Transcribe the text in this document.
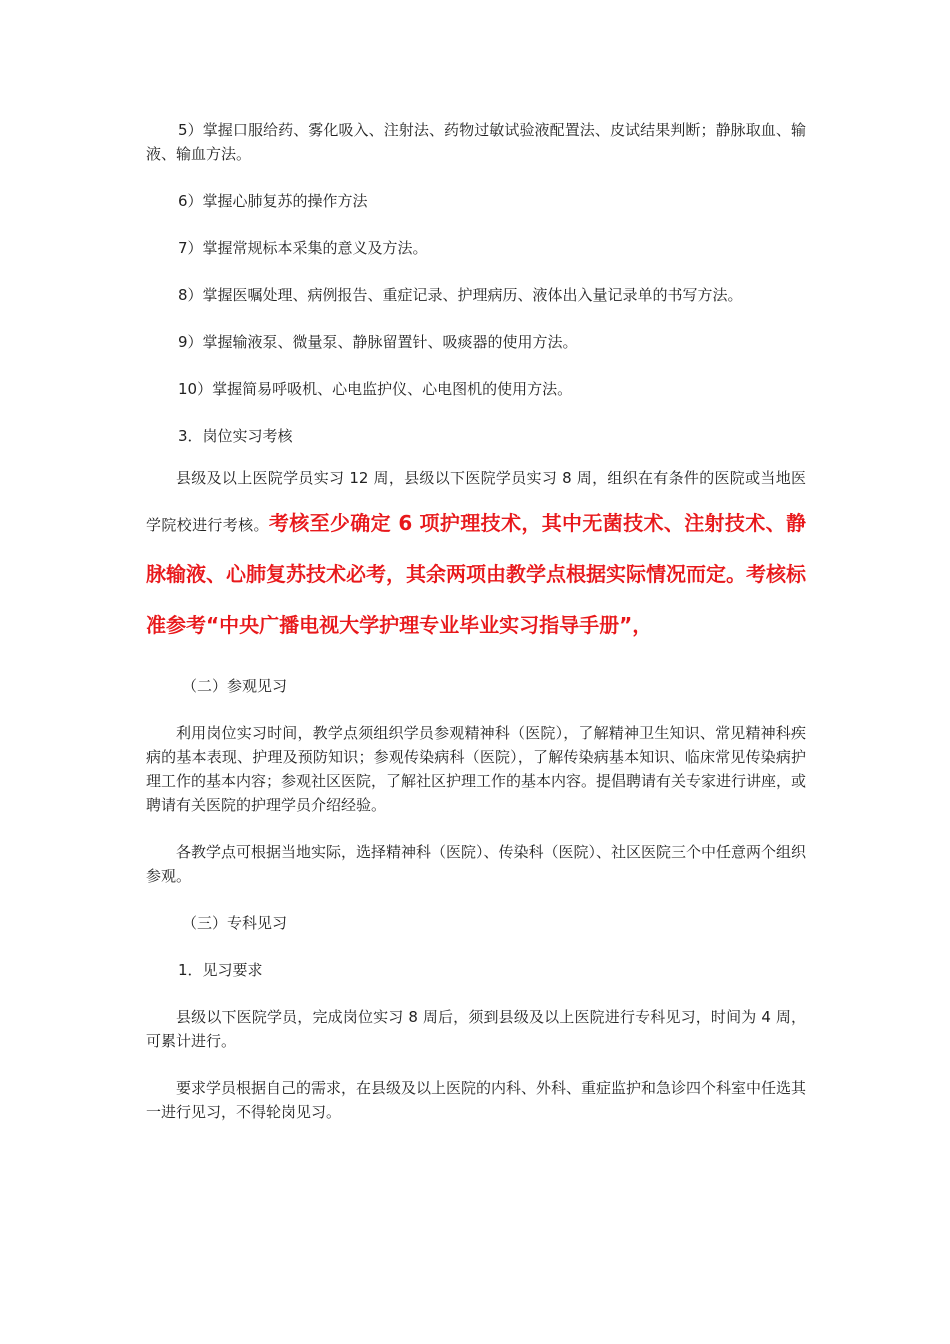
5）掌握口服给药、雾化吸入、注射法、药物过敏试验液配置法、皮试结果判断；静脉取血、输液、输血方法。

6）掌握心肺复苏的操作方法

7）掌握常规标本采集的意义及方法。

8）掌握医嘱处理、病例报告、重症记录、护理病历、液体出入量记录单的书写方法。

9）掌握输液泵、微量泵、静脉留置针、吸痰器的使用方法。

10）掌握简易呼吸机、心电监护仪、心电图机的使用方法。

3．岗位实习考核

县级及以上医院学员实习 12 周，县级以下医院学员实习 8 周，组织在有条件的医院或当地医学院校进行考核。考核至少确定 6 项护理技术，其中无菌技术、注射技术、静脉输液、心肺复苏技术必考，其余两项由教学点根据实际情况而定。考核标准参考“中央广播电视大学护理专业毕业实习指导手册”，

（二）参观见习

利用岗位实习时间，教学点须组织学员参观精神科（医院），了解精神卫生知识、常见精神科疾病的基本表现、护理及预防知识；参观传染病科（医院），了解传染病基本知识、临床常见传染病护理工作的基本内容；参观社区医院，了解社区护理工作的基本内容。提倡聘请有关专家进行讲座，或聘请有关医院的护理学员介绍经验。

各教学点可根据当地实际，选择精神科（医院）、传染科（医院）、社区医院三个中任意两个组织参观。

（三）专科见习

1．见习要求

县级以下医院学员，完成岗位实习 8 周后，须到县级及以上医院进行专科见习，时间为 4 周，可累计进行。

要求学员根据自己的需求，在县级及以上医院的内科、外科、重症监护和急诊四个科室中任选其一进行见习，不得轮岗见习。
